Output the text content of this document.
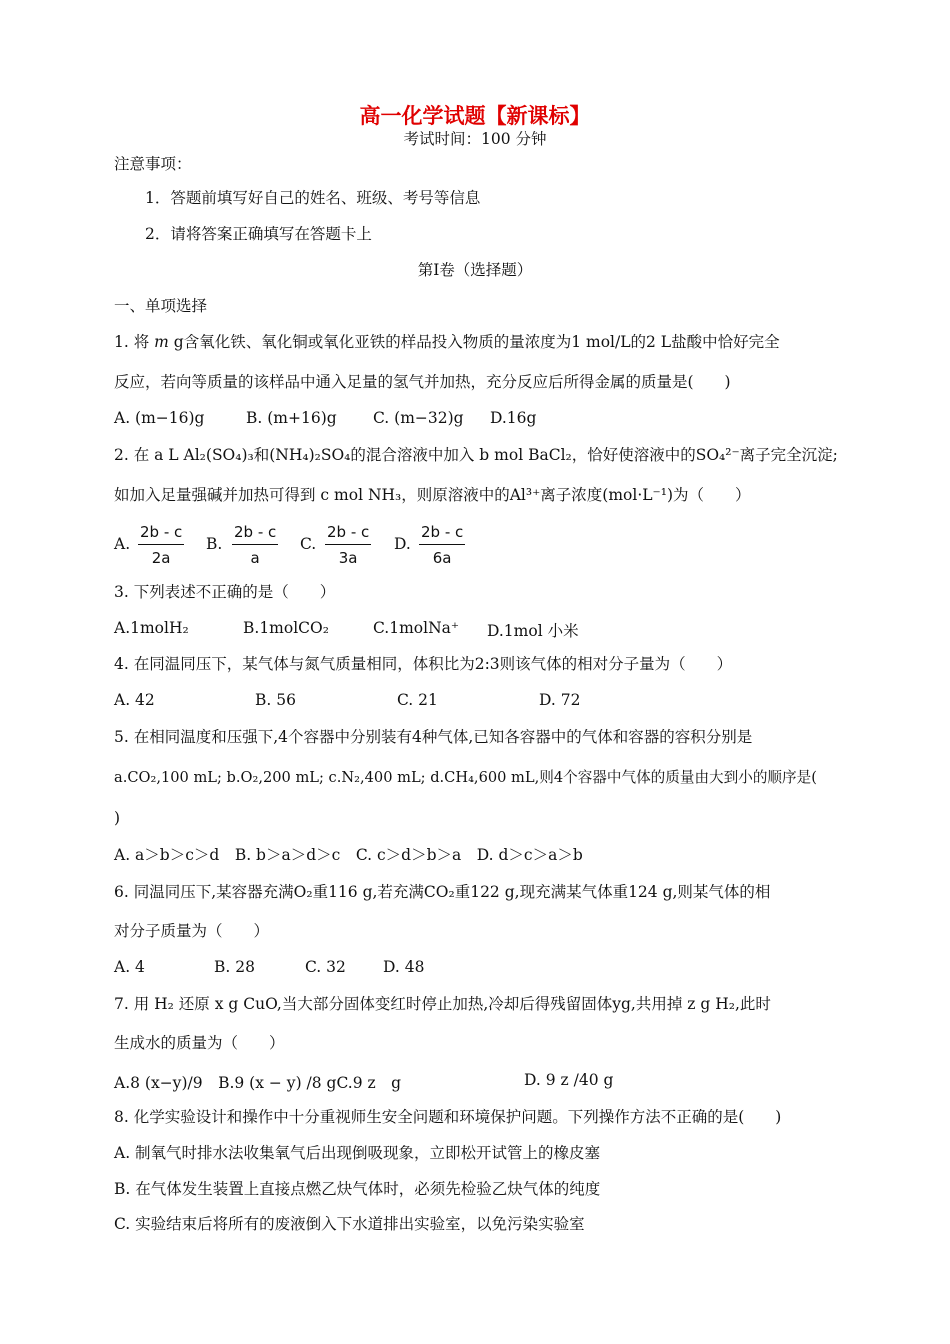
高一化学试题【新课标】
考试时间：100 分钟
注意事项：
1．答题前填写好自己的姓名、班级、考号等信息
2．请将答案正确填写在答题卡上
第Ⅰ卷（选择题）
一、单项选择
1. 将 m g含氧化铁、氧化铜或氧化亚铁的样品投入物质的量浓度为1 mol/L的2 L盐酸中恰好完全
反应，若向等质量的该样品中通入足量的氢气并加热，充分反应后所得金属的质量是(　　)
A. (m−16)g	B. (m+16)g C. (m−32)g D.16g
2. 在 a L Al₂(SO₄)₃和(NH₄)₂SO₄的混合溶液中加入 b mol BaCl₂，恰好使溶液中的SO₄²⁻离子完全沉淀;
如加入足量强碱并加热可得到 c mol NH₃，则原溶液中的Al³⁺离子浓度(mol·L⁻¹)为（　　）
A. $\frac{2b - c}{2a} B$. $\frac{2b - c}{a} C$. $\frac{2b - c}{3a} D$. $\frac{2b - c}{6a}$
3. 下列表述不正确的是（　　）
A.1molH₂	B.1molCO₂	C.1molNa⁺ D.1mol 小米
4. 在同温同压下，某气体与氮气质量相同，体积比为2:3则该气体的相对分子量为（　　）
A. 42	B. 56	C. 21	D. 72
5. 在相同温度和压强下,4个容器中分别装有4种气体,已知各容器中的气体和容器的容积分别是
a.CO₂,100 mL; b.O₂,200 mL; c.N₂,400 mL; d.CH₄,600 mL,则4个容器中气体的质量由大到小的顺序是(
)
A. a＞b＞c＞d　B. b＞a＞d＞c　C. c＞d＞b＞a　D. d＞c＞a＞b
6. 同温同压下,某容器充满O₂重116 g,若充满CO₂重122 g,现充满某气体重124 g,则某气体的相
对分子质量为（　　）
A. 4	B. 28	C. 32 D. 48
7. 用 H₂ 还原 x g CuO,当大部分固体变红时停止加热,冷却后得残留固体yg,共用掉 z g H₂,此时
生成水的质量为（　　）
A.8 (x−y)/9　B.9 (x − y) /8 gC.9 z　g	D. 9 z /40 g
8. 化学实验设计和操作中十分重视师生安全问题和环境保护问题。下列操作方法不正确的是(　　)
A. 制氧气时排水法收集氧气后出现倒吸现象，立即松开试管上的橡皮塞
B. 在气体发生装置上直接点燃乙炔气体时，必须先检验乙炔气体的纯度
C. 实验结束后将所有的废液倒入下水道排出实验室，以免污染实验室
